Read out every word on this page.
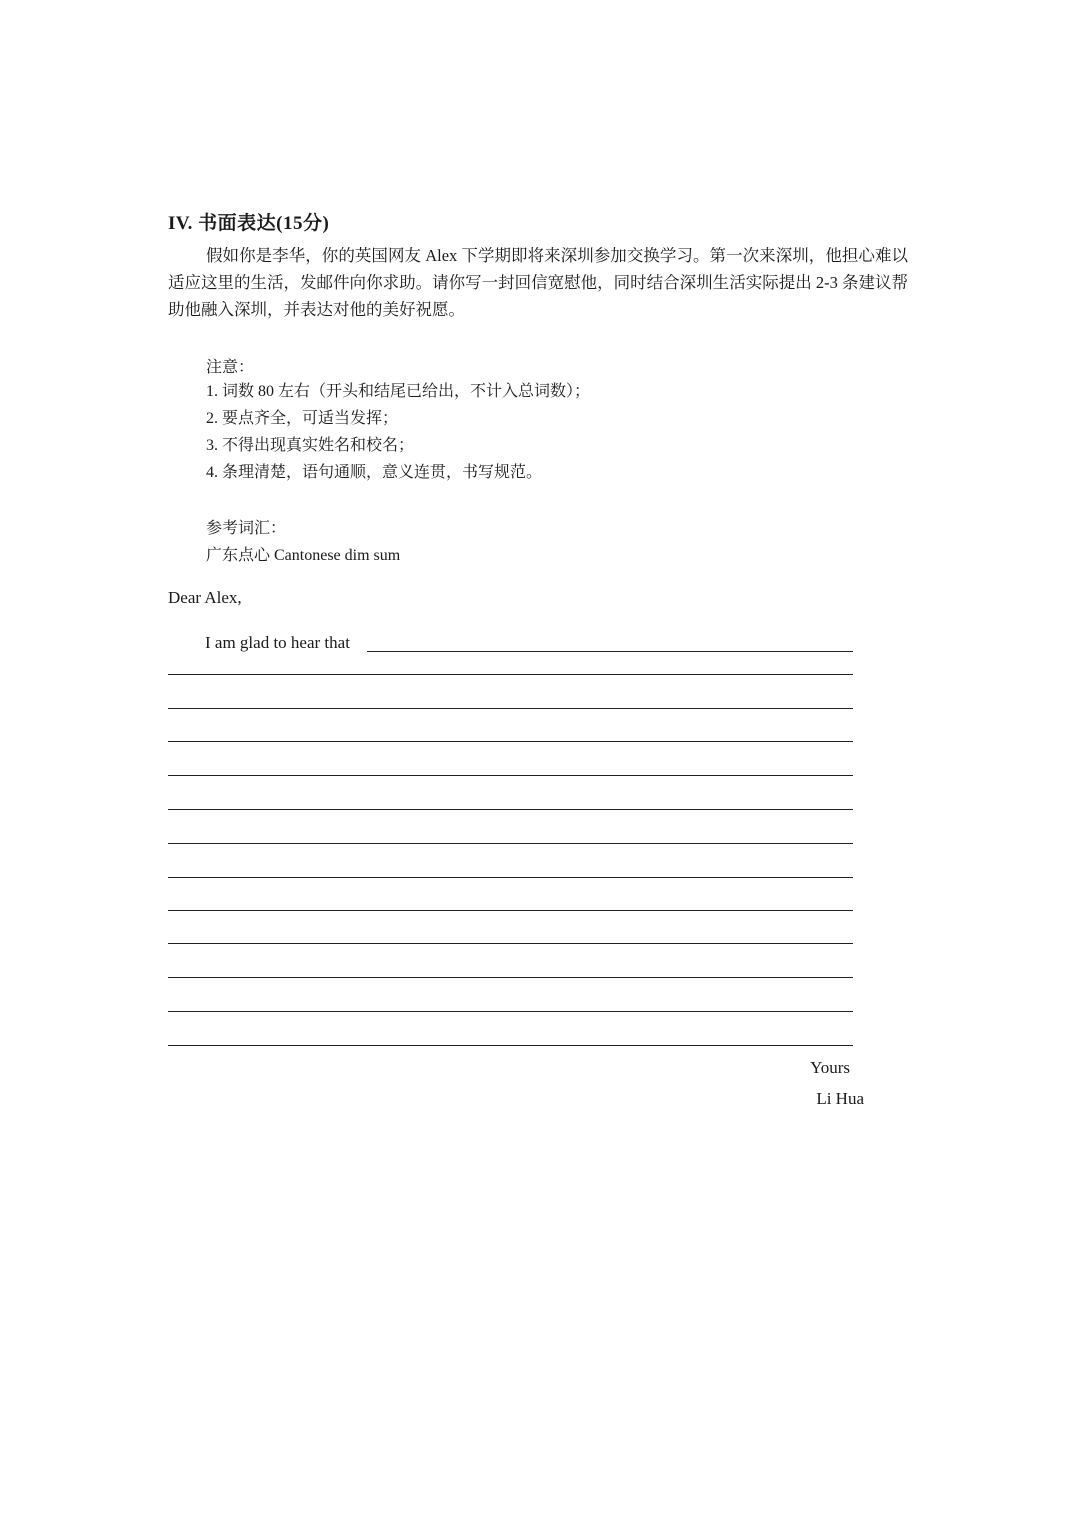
IV. 书面表达(15分)
假如你是李华，你的英国网友 Alex 下学期即将来深圳参加交换学习。第一次来深圳，他担心难以适应这里的生活，发邮件向你求助。请你写一封回信宽慰他，同时结合深圳生活实际提出 2-3 条建议帮助他融入深圳，并表达对他的美好祝愿。
注意：
1. 词数 80 左右（开头和结尾已给出，不计入总词数）；
2. 要点齐全，可适当发挥；
3. 不得出现真实姓名和校名；
4. 条理清楚，语句通顺，意义连贯，书写规范。
参考词汇：
广东点心 Cantonese dim sum
Dear Alex,
I am glad to hear that
Yours
Li Hua
